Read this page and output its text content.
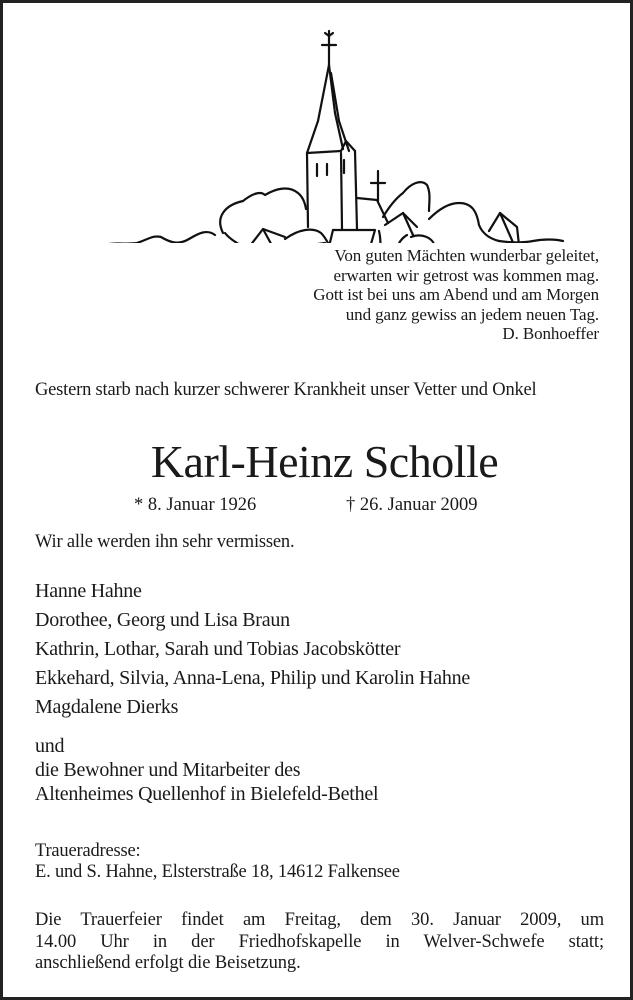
Von guten Mächten wunderbar geleitet,
erwarten wir getrost was kommen mag.
Gott ist bei uns am Abend und am Morgen
und ganz gewiss an jedem neuen Tag.
D. Bonhoeffer
Gestern starb nach kurzer schwerer Krankheit unser Vetter und Onkel
Karl-Heinz Scholle
* 8. Januar 1926	† 26. Januar 2009
Wir alle werden ihn sehr vermissen.
Hanne Hahne
Dorothee, Georg und Lisa Braun
Kathrin, Lothar, Sarah und Tobias Jacobskötter
Ekkehard, Silvia, Anna-Lena, Philip und Karolin Hahne
Magdalene Dierks
und
die Bewohner und Mitarbeiter des
Altenheimes Quellenhof in Bielefeld-Bethel
Traueradresse:
E. und S. Hahne, Elsterstraße 18, 14612 Falkensee
Die Trauerfeier findet am Freitag, dem 30. Januar 2009, um
14.00 Uhr in der Friedhofskapelle in Welver-Schwefe statt;
anschließend erfolgt die Beisetzung.
